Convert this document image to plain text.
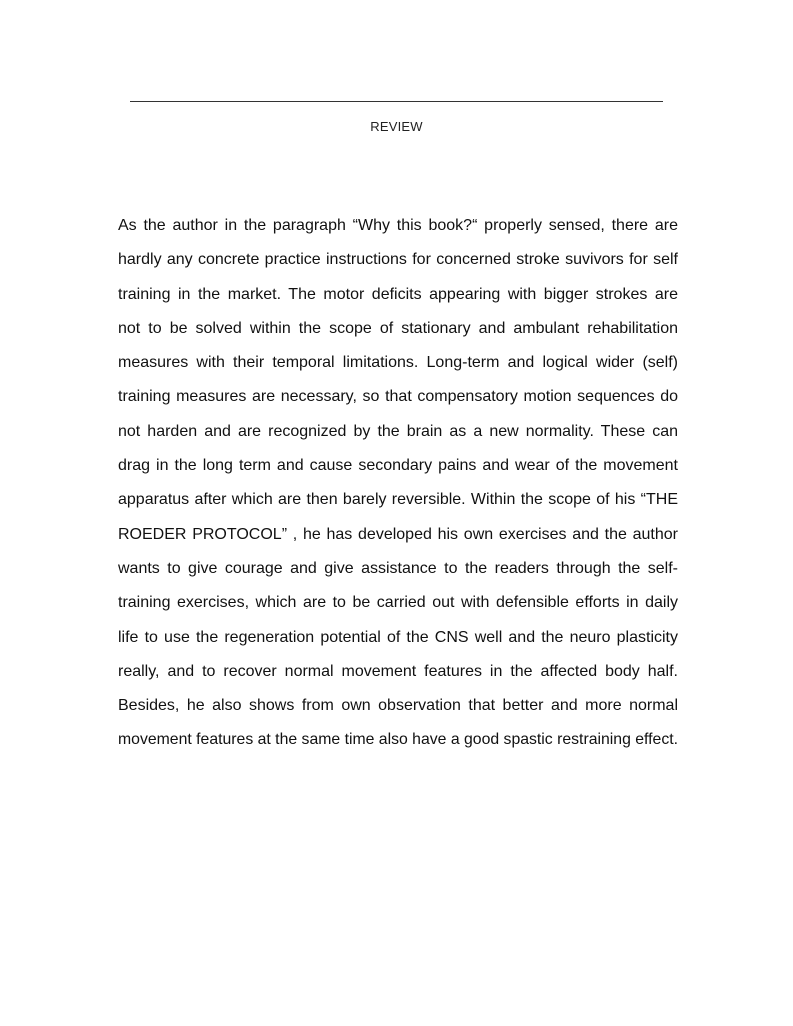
REVIEW
As the author in the paragraph “Why this book?“ properly sensed, there are
hardly any concrete practice instructions for concerned stroke suvivors for self
training in the market. The motor deficits appearing with bigger strokes are
not to be solved within the scope of stationary and ambulant rehabilitation
measures with their temporal limitations. Long-term and logical wider (self)
training measures are necessary, so that compensatory motion sequences do
not harden and are recognized by the brain as a new normality. These can
drag in the long term and cause secondary pains and wear of the movement
apparatus after which are then barely reversible. Within the scope of his “THE
ROEDER PROTOCOL” , he has developed his own exercises and the author
wants to give courage and give assistance to the readers through the self-
training exercises, which are to be carried out with defensible efforts in daily
life to use the regeneration potential of the CNS well and the neuro plasticity
really, and to recover normal movement features in the affected body half.
Besides, he also shows from own observation that better and more normal
movement features at the same time also have a good spastic restraining effect.
